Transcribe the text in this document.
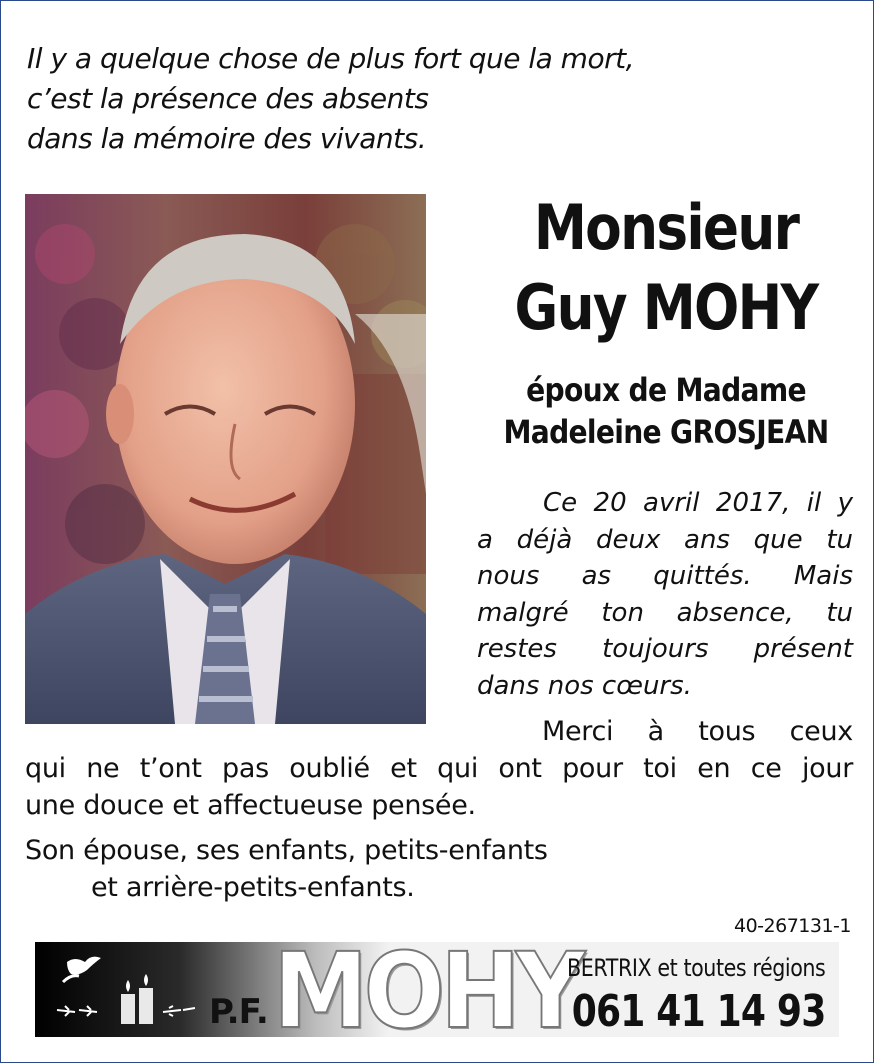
Il y a quelque chose de plus fort que la mort,
c’est la présence des absents
dans la mémoire des vivants.
Monsieur
Guy MOHY
époux de Madame
Madeleine GROSJEAN
Ce 20 avril 2017, il y
a déjà deux ans que tu
nous as quittés. Mais
malgré ton absence, tu
restes toujours présent
dans nos cœurs.
Merci à tous ceux
qui ne t’ont pas oublié et qui ont pour toi en ce jour
une douce et affectueuse pensée.
Son épouse, ses enfants, petits-enfants
et arrière-petits-enfants.
40-267131-1
P.F. MOHY
BERTRIX et toutes régions
061 41 14 93
